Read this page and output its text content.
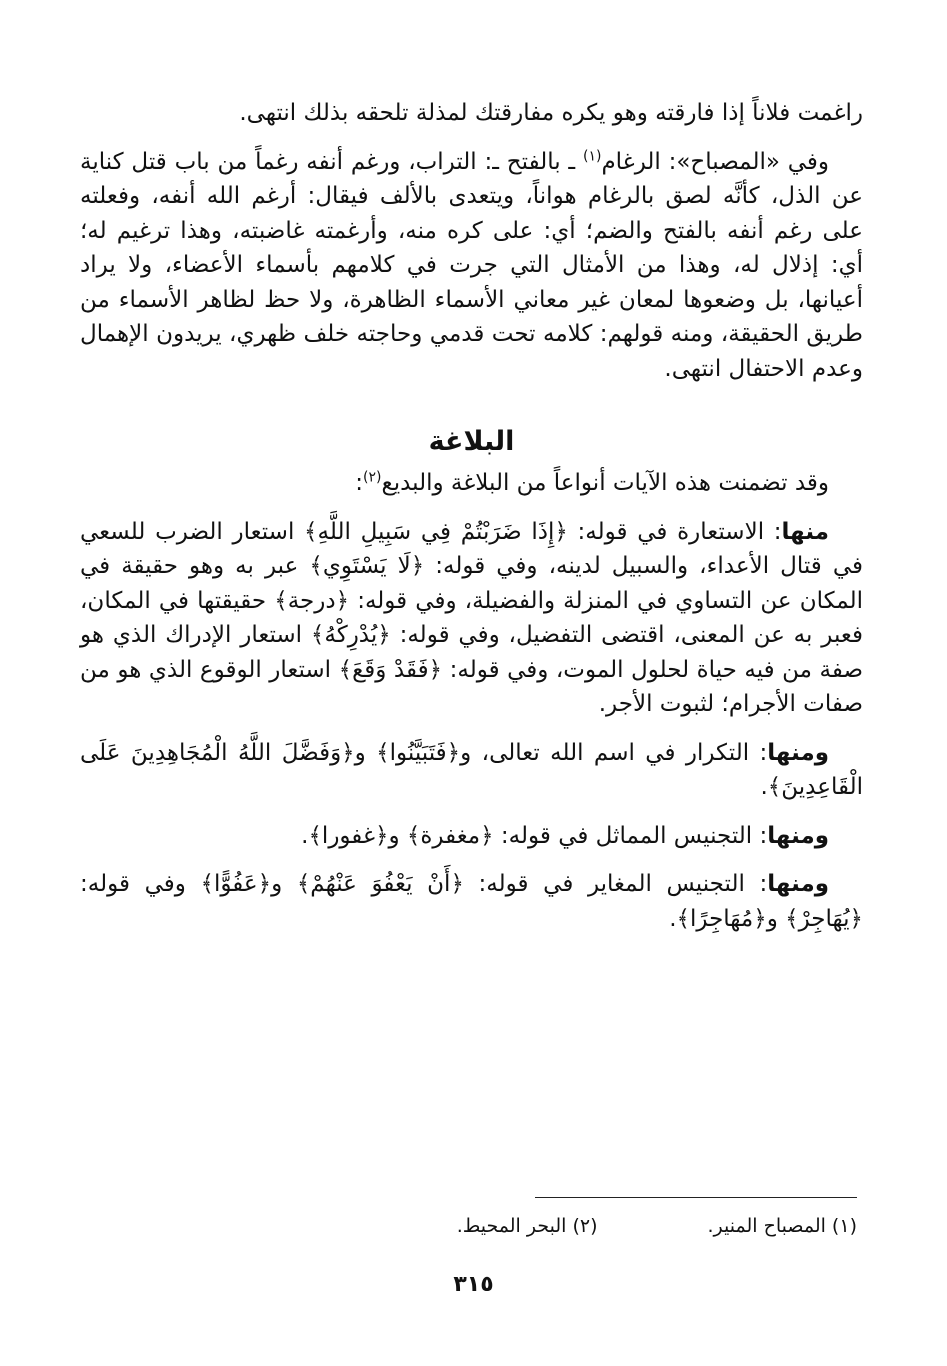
راغمت فلاناً إذا فارقته وهو يكره مفارقتك لمذلة تلحقه بذلك انتهى.

وفي «المصباح»: الرغام$^{(١)}$ ـ بالفتح ـ: التراب، ورغم أنفه رغماً من باب قتل كناية عن الذل، كأنَّه لصق بالرغام هواناً، ويتعدى بالألف فيقال: أرغم الله أنفه، وفعلته على رغم أنفه بالفتح والضم؛ أي: على كره منه، وأرغمته غاضبته، وهذا ترغيم له؛ أي: إذلال له، وهذا من الأمثال التي جرت في كلامهم بأسماء الأعضاء، ولا يراد أعيانها، بل وضعوها لمعان غير معاني الأسماء الظاهرة، ولا حظ لظاهر الأسماء من طريق الحقيقة، ومنه قولهم: كلامه تحت قدمي وحاجته خلف ظهري، يريدون الإهمال وعدم الاحتفال انتهى.

البلاغة

وقد تضمنت هذه الآيات أنواعاً من البلاغة والبديع$^{(٢)}$:

منها: الاستعارة في قوله: ﴿إِذَا ضَرَبْتُمْ فِي سَبِيلِ اللَّهِ﴾ استعار الضرب للسعي في قتال الأعداء، والسبيل لدينه، وفي قوله: ﴿لَا يَسْتَوِي﴾ عبر به وهو حقيقة في المكان عن التساوي في المنزلة والفضيلة، وفي قوله: ﴿درجة﴾ حقيقتها في المكان، فعبر به عن المعنى، اقتضى التفضيل، وفي قوله: ﴿يُدْرِكْهُ﴾ استعار الإدراك الذي هو صفة من فيه حياة لحلول الموت، وفي قوله: ﴿فَقَدْ وَقَعَ﴾ استعار الوقوع الذي هو من صفات الأجرام؛ لثبوت الأجر.

ومنها: التكرار في اسم الله تعالى، و﴿فَتَبَيَّنُوا﴾ و﴿وَفَضَّلَ اللَّهُ الْمُجَاهِدِينَ عَلَى الْقَاعِدِينَ﴾.

ومنها: التجنيس المماثل في قوله: ﴿مغفرة﴾ و﴿غفورا﴾.

ومنها: التجنيس المغاير في قوله: ﴿أَنْ يَعْفُوَ عَنْهُمْ﴾ و﴿عَفُوًّا﴾ وفي قوله: ﴿يُهَاجِرْ﴾ و﴿مُهَاجِرًا﴾.

(١) المصباح المنير.
(٢) البحر المحيط.
٣١٥
